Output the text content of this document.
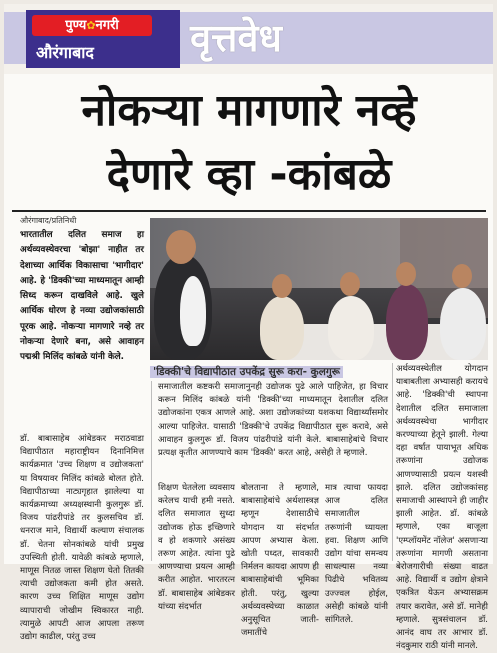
पुण्य✿नगरी
औरंगाबाद	वृत्तवेध
नोकऱ्या मागणारे नव्हे
देणारे व्हा -कांबळे
औरंगाबाद/प्रतिनिधी
भारतातील दलित समाज हा अर्थव्यवस्थेवरचा 'बोझा' नाहीत तर देशाच्या आर्थिक विकासाचा 'भागीदार' आहे. हे 'डिक्की'च्या माध्यमातून आम्ही सिध्द करून दाखविले आहे. खुले आर्थिक धोरण हे नव्या उद्योजकांसाठी पूरक आहे. नोकऱ्या मागणारे नव्हे तर नोकऱ्या देणारे बना, असे आवाहन पद्मश्री मिलिंद कांबळे यांनी केले.
'डिक्की'चे विद्यापीठात उपकेंद्र सुरू करा- कुलगुरू
डॉ. बाबासाहेब आंबेडकर मराठवाडा विद्यापीठात महाराष्ट्रीयन दिनानिमित्त कार्यक्रमात 'उच्च शिक्षण व उद्योजकता' या विषयावर मिलिंद कांबळे बोलत होते. विद्यापीठाच्या नाट्यगृहात झालेल्या या कार्यक्रमाच्या अध्यक्षस्थानी कुलगुरू डॉ. विजय पांढरीपांडे तर कुलसचिव डॉ. धनराज माने, विद्यार्थी कल्याण संचालक डॉ. चेतना सोनकांबळे यांची प्रमुख उपस्थिती होती. यावेळी कांबळे म्हणाले, माणूस नितळ जास्त शिक्षण घेतो तितकी त्याची उद्योजकता कमी होत असते. कारण उच्च शिक्षित माणूस उद्योग व्यापाराची जोखीम स्विकारत नाही. त्यामुळे आपटी आज आपला तरूण उद्योग काढील, परंतु उच्च
समाजातील कष्टकरी समाजानुनही उद्योजक पुढे आले पाहिजेत, हा विचार करून मिलिंद कांबळे यांनी 'डिक्की'च्या माध्यमातून देशातील दलित उद्योजकांना एकत्र आणले आहे. अशा उद्योजकांच्या यशकथा विद्यार्थ्यांसमोर आल्या पाहिजेत. यासाठी 'डिक्की'चे उपकेंद्र विद्यापीठात सुरू करावे, असे आवाहन कुलगुरू डॉ. विजय पांढरीपांडे यांनी केले. बाबासाहेबांचे विचार प्रत्यक्ष कृतीत आणण्याचे काम 'डिक्की' करत आहे, असेही ते म्हणाले.
शिक्षण घेतलेला व्यवसाय करेलच याची हमी नसते. दलित समाजात सुध्दा उद्योजक होऊ इच्छिणारे व हो शकणारे असंख्य तरूण आहेत. त्यांना पुढे आणण्याचा प्रयत्न आम्ही करीत आहोत. भारतरत्न डॉ. बाबासाहेब आंबेडकर यांच्या संदर्भात
बोलताना ते म्हणाले, बाबासाहेबांचे अर्थशास्त्रज्ञ म्हणून देशासाठीचे योगदान या संदर्भात आपण अभ्यास केला. खोती पध्दत, सावकारी निर्मलन कायदा आपण ही बाबासाहेबांची भूमिका होती. परंतु, खुल्या अर्थव्यवस्थेच्या काळात अनुसूचित जाती- जमातींचे
मात्र त्याचा फायदा आज दलित समाजातील तरूणांनी घ्यायला हवा. शिक्षण आणि उद्योग यांचा समन्वय साधल्यास नव्या पिढीचे भवितव्य उज्ज्वल होईल, असेही कांबळे यांनी सांगितले.
अर्थव्यवस्थेतील योगदान याबाबतीला अभ्यासही करायचे आहे. 'डिक्की'ची स्थापना देशातील दलित समाजाला अर्थव्यवस्थेचा भागीदार करण्याच्या हेतूने झाली. गेल्या दहा वर्षांत पायाभूत अधिक तरूणांना उद्योजक आणण्यासाठी प्रयत्न यशस्वी झाले. दलित उद्योजकांसह समाजाची आस्थापने ही जाहीर झाली आहेत. डॉ. कांबळे म्हणाले, एका बाजूला 'एम्प्लॉयमेंट नॉलेज' असणाऱ्या तरूणांना मागणी असताना बेरोजगारीची संख्या वाढत आहे. विद्यार्थी व उद्योग क्षेत्राने एकत्रित येऊन अभ्यासक्रम तयार करावेत, असे डॉ. मानेही म्हणाले. सुत्रसंचालन डॉ. आनंद वाघ तर आभार डॉ. नंदकुमार राठी यांनी मानले.
